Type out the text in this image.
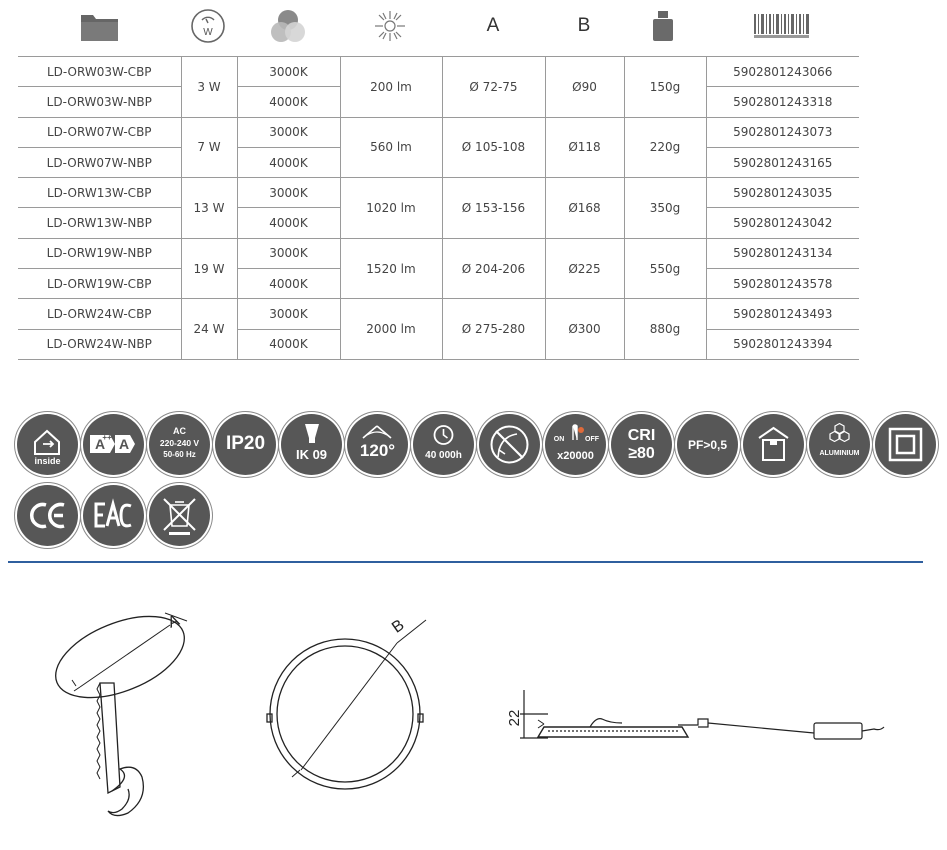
W	A	B
LD-ORW03W-CBP	3 W	3000K	200 lm	Ø 72-75	Ø90	150g	5902801243066
LD-ORW03W-NBP		4000K					5902801243318
LD-ORW07W-CBP	7 W	3000K	560 lm	Ø 105-108	Ø118	220g	5902801243073
LD-ORW07W-NBP		4000K					5902801243165
LD-ORW13W-CBP	13 W	3000K	1020 lm	Ø 153-156	Ø168	350g	5902801243035
LD-ORW13W-NBP		4000K					5902801243042
LD-ORW19W-NBP	19 W	3000K	1520 lm	Ø 204-206	Ø225	550g	5902801243134
LD-ORW19W-CBP		4000K					5902801243578
LD-ORW24W-CBP	24 W	3000K	2000 lm	Ø 275-280	Ø300	880g	5902801243493
LD-ORW24W-NBP		4000K					5902801243394
inside
A
++ A
AC
220-240 V
50-60 Hz
IP20
IK 09	120°	40 000h
ON	OFF
x20000
CRI
≥80	PF>0,5
ALUMINIUM
A	B
22
